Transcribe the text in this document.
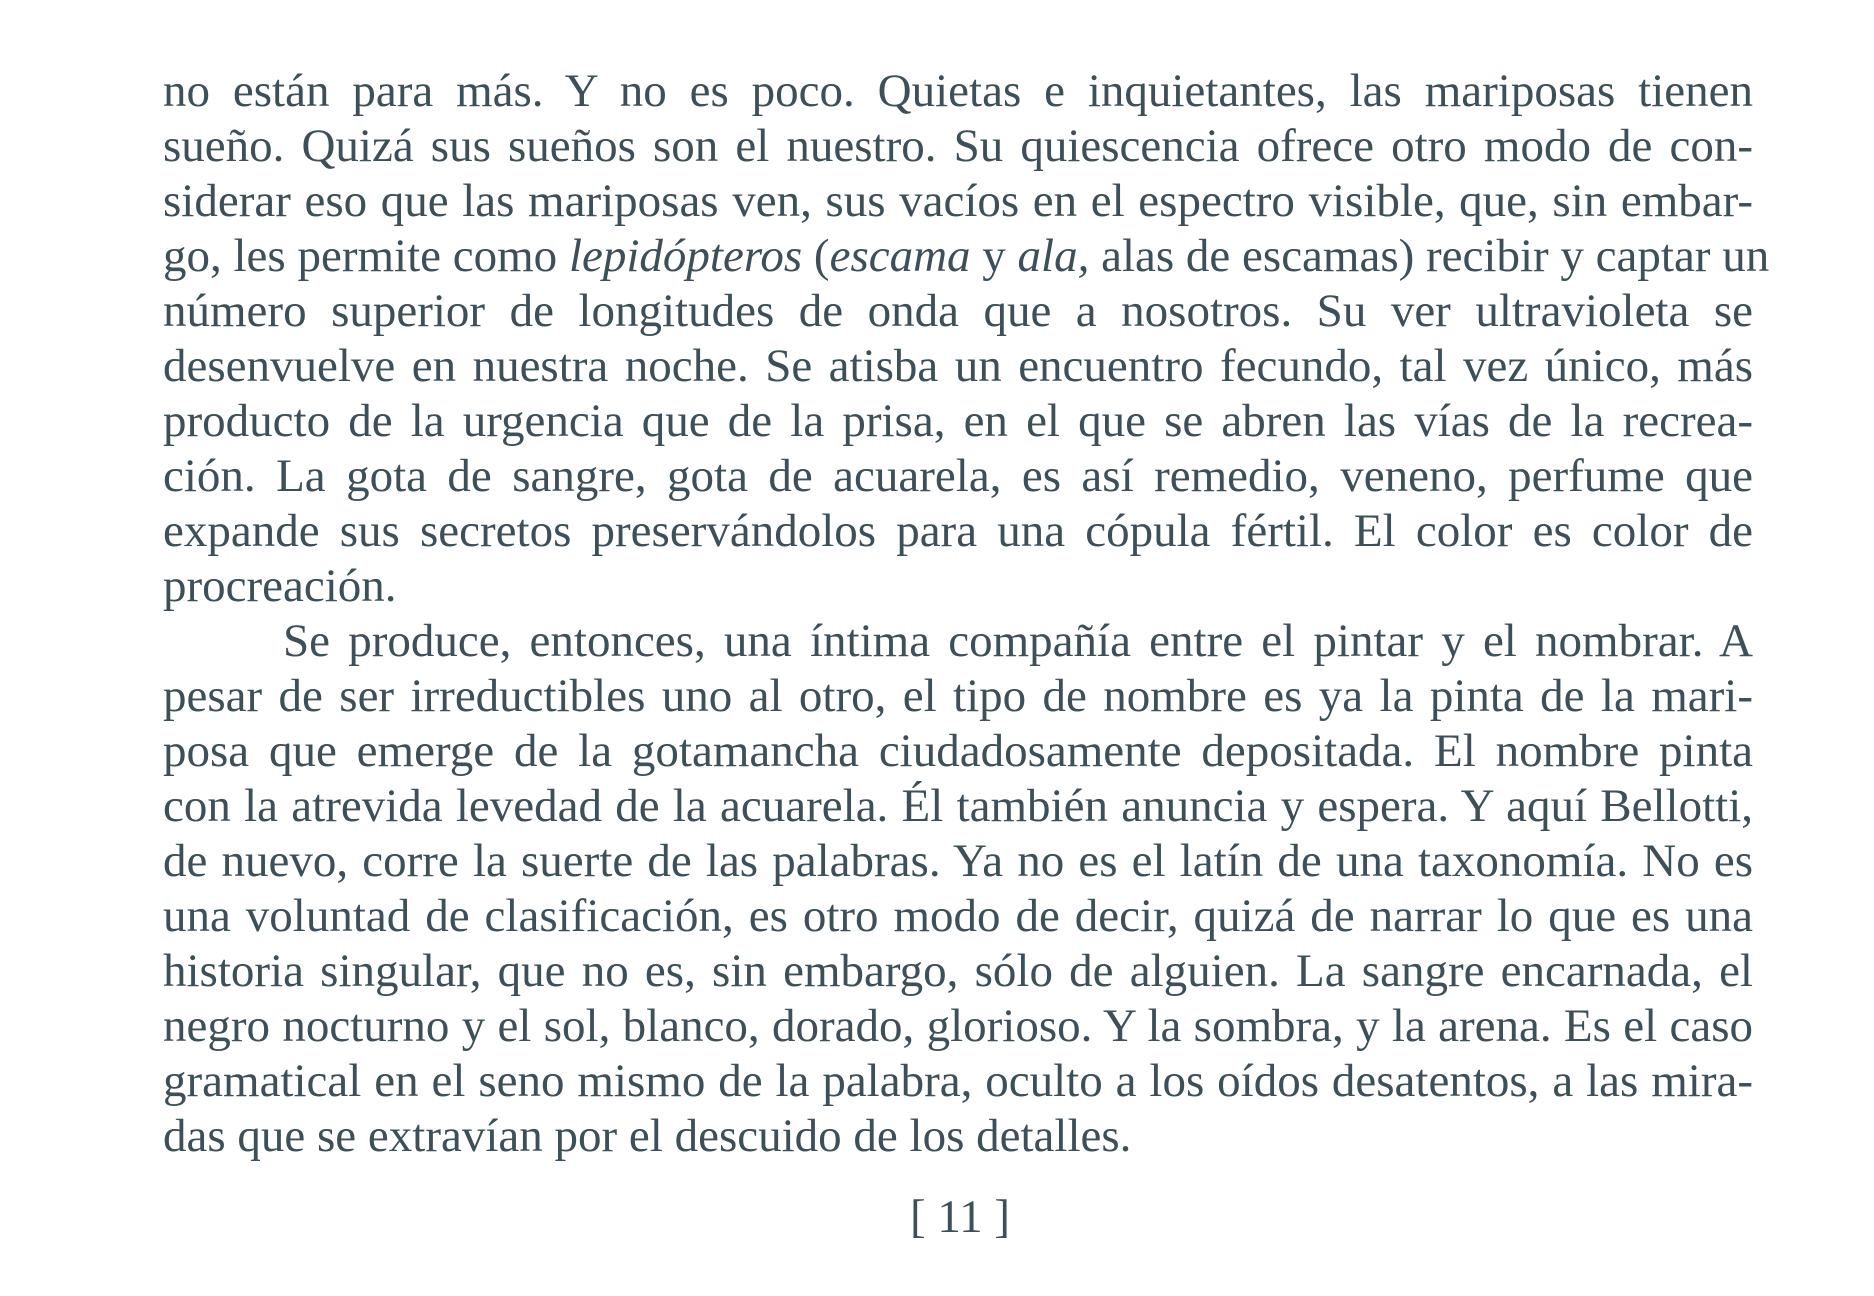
no están para más. Y no es poco. Quietas e inquietantes, las mariposas tienen
sueño. Quizá sus sueños son el nuestro. Su quiescencia ofrece otro modo de con-
siderar eso que las mariposas ven, sus vacíos en el espectro visible, que, sin embar-
go, les permite como lepidópteros (escama y ala, alas de escamas) recibir y captar un
número superior de longitudes de onda que a nosotros. Su ver ultravioleta se
desenvuelve en nuestra noche. Se atisba un encuentro fecundo, tal vez único, más
producto de la urgencia que de la prisa, en el que se abren las vías de la recrea-
ción. La gota de sangre, gota de acuarela, es así remedio, veneno, perfume que
expande sus secretos preservándolos para una cópula fértil. El color es color de
procreación.

Se produce, entonces, una íntima compañía entre el pintar y el nombrar. A
pesar de ser irreductibles uno al otro, el tipo de nombre es ya la pinta de la mari-
posa que emerge de la gotamancha ciudadosamente depositada. El nombre pinta
con la atrevida levedad de la acuarela. Él también anuncia y espera. Y aquí Bellotti,
de nuevo, corre la suerte de las palabras. Ya no es el latín de una taxonomía. No es
una voluntad de clasificación, es otro modo de decir, quizá de narrar lo que es una
historia singular, que no es, sin embargo, sólo de alguien. La sangre encarnada, el
negro nocturno y el sol, blanco, dorado, glorioso. Y la sombra, y la arena. Es el caso
gramatical en el seno mismo de la palabra, oculto a los oídos desatentos, a las mira-
das que se extravían por el descuido de los detalles.

[ 11 ]
